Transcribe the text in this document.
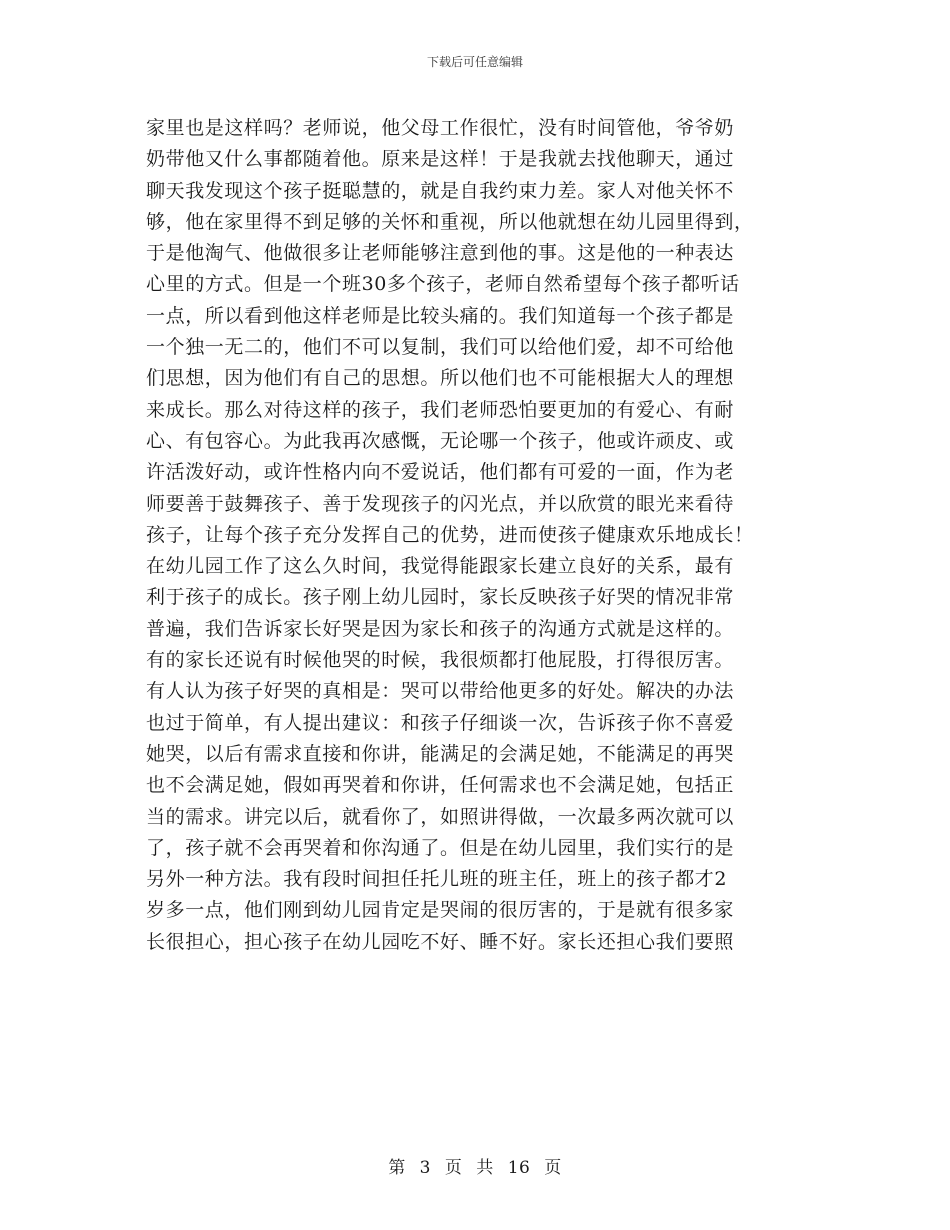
下载后可任意编辑
家里也是这样吗？老师说，他父母工作很忙，没有时间管他，爷爷奶
奶带他又什么事都随着他。原来是这样！于是我就去找他聊天，通过
聊天我发现这个孩子挺聪慧的，就是自我约束力差。家人对他关怀不
够，他在家里得不到足够的关怀和重视，所以他就想在幼儿园里得到，
于是他淘气、他做很多让老师能够注意到他的事。这是他的一种表达
心里的方式。但是一个班30多个孩子，老师自然希望每个孩子都听话
一点，所以看到他这样老师是比较头痛的。我们知道每一个孩子都是
一个独一无二的，他们不可以复制，我们可以给他们爱，却不可给他
们思想，因为他们有自己的思想。所以他们也不可能根据大人的理想
来成长。那么对待这样的孩子，我们老师恐怕要更加的有爱心、有耐
心、有包容心。为此我再次感慨，无论哪一个孩子，他或许顽皮、或
许活泼好动，或许性格内向不爱说话，他们都有可爱的一面，作为老
师要善于鼓舞孩子、善于发现孩子的闪光点，并以欣赏的眼光来看待
孩子，让每个孩子充分发挥自己的优势，进而使孩子健康欢乐地成长！
在幼儿园工作了这么久时间，我觉得能跟家长建立良好的关系，最有
利于孩子的成长。孩子刚上幼儿园时，家长反映孩子好哭的情况非常
普遍，我们告诉家长好哭是因为家长和孩子的沟通方式就是这样的。
有的家长还说有时候他哭的时候，我很烦都打他屁股，打得很厉害。
有人认为孩子好哭的真相是：哭可以带给他更多的好处。解决的办法
也过于简单，有人提出建议：和孩子仔细谈一次，告诉孩子你不喜爱
她哭，以后有需求直接和你讲，能满足的会满足她，不能满足的再哭
也不会满足她，假如再哭着和你讲，任何需求也不会满足她，包括正
当的需求。讲完以后，就看你了，如照讲得做，一次最多两次就可以
了，孩子就不会再哭着和你沟通了。但是在幼儿园里，我们实行的是
另外一种方法。我有段时间担任托儿班的班主任，班上的孩子都才2
岁多一点，他们刚到幼儿园肯定是哭闹的很厉害的，于是就有很多家
长很担心，担心孩子在幼儿园吃不好、睡不好。家长还担心我们要照
第 3 页 共 16 页
